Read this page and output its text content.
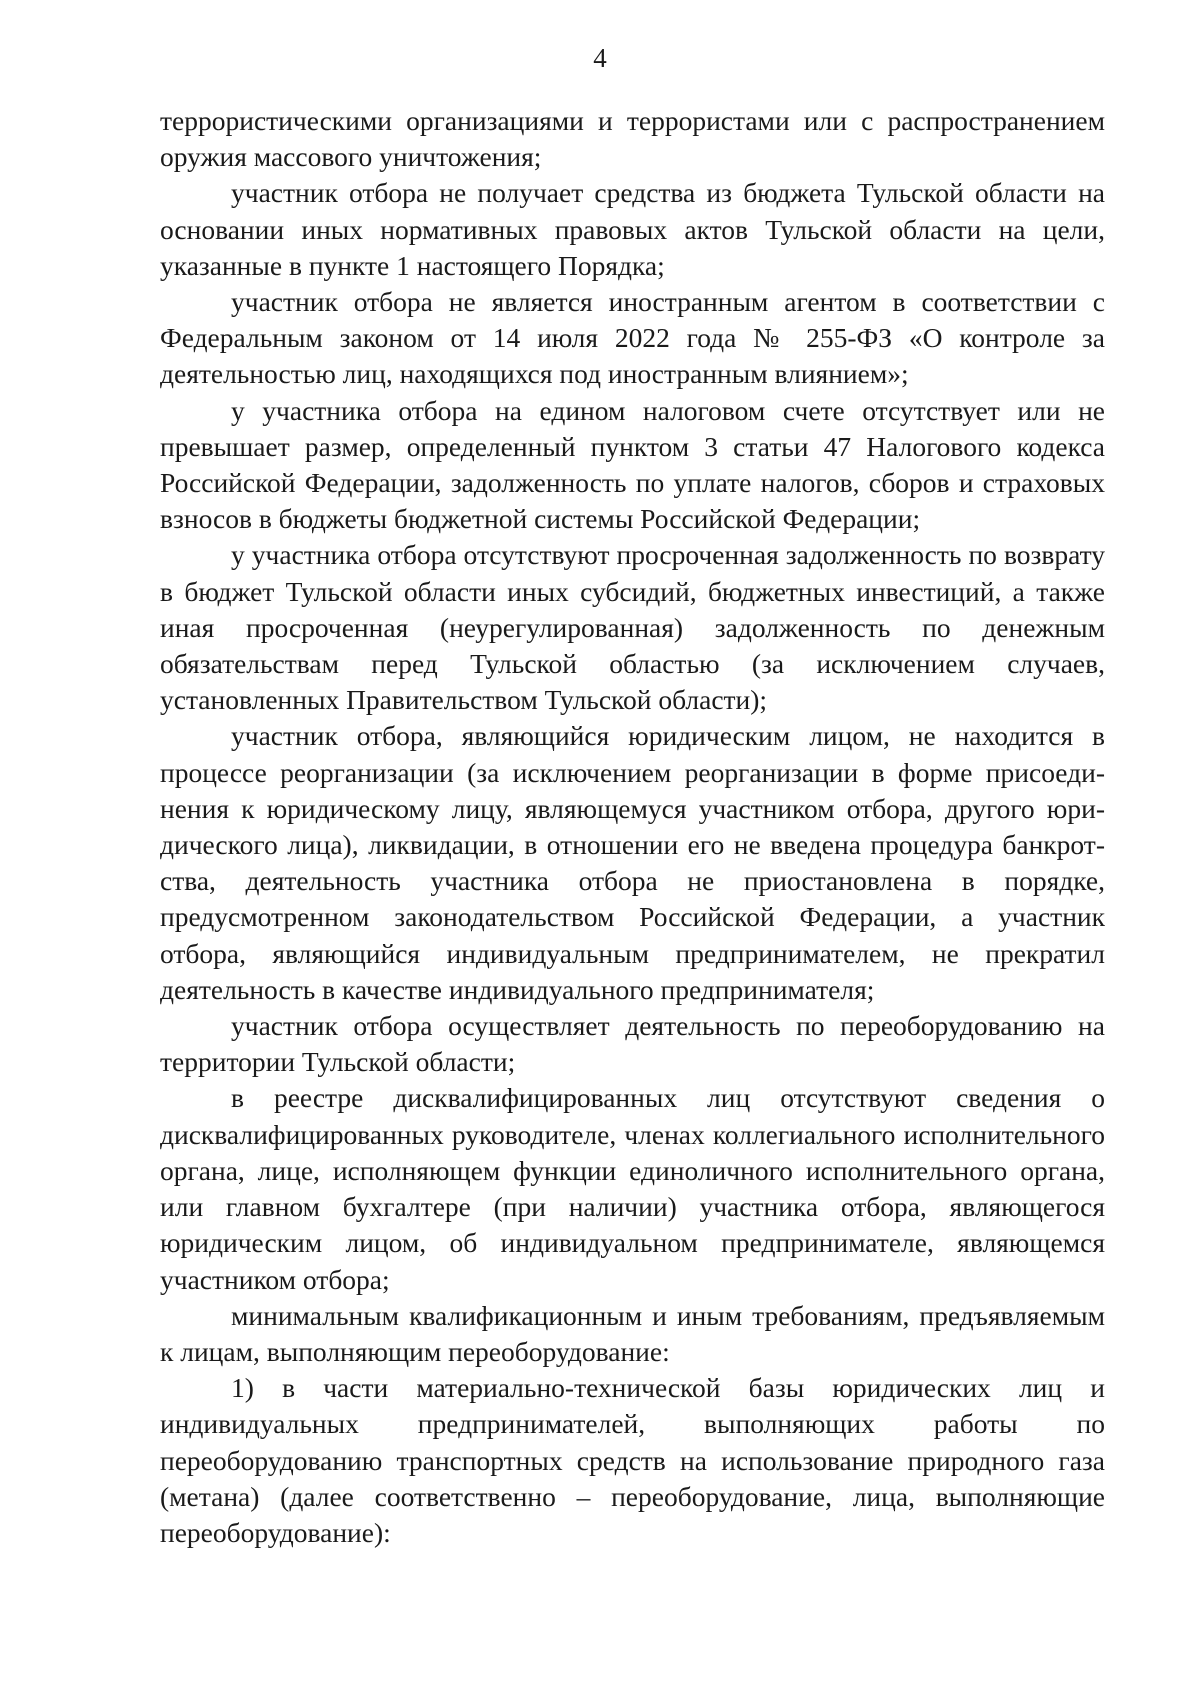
4

террористическими организациями и террористами или с распространением оружия массового уничтожения;

участник отбора не получает средства из бюджета Тульской области на основании иных нормативных правовых актов Тульской области на цели, указанные в пункте 1 настоящего Порядка;

участник отбора не является иностранным агентом в соответствии с Федеральным законом от 14 июля 2022 года № 255-ФЗ «О контроле за деятельностью лиц, находящихся под иностранным влиянием»;

у участника отбора на едином налоговом счете отсутствует или не превышает размер, определенный пунктом 3 статьи 47 Налогового кодекса Российской Федерации, задолженность по уплате налогов, сборов и страховых взносов в бюджеты бюджетной системы Российской Федерации;

у участника отбора отсутствуют просроченная задолженность по возврату в бюджет Тульской области иных субсидий, бюджетных инвестиций, а также иная просроченная (неурегулированная) задолженность по денежным обязательствам перед Тульской областью (за исключением случаев, установленных Правительством Тульской области);

участник отбора, являющийся юридическим лицом, не находится в процессе реорганизации (за исключением реорганизации в форме присоединения к юридическому лицу, являющемуся участником отбора, другого юридического лица), ликвидации, в отношении его не введена процедура банкротства, деятельность участника отбора не приостановлена в порядке, предусмотренном законодательством Российской Федерации, а участник отбора, являющийся индивидуальным предпринимателем, не прекратил деятельность в качестве индивидуального предпринимателя;

участник отбора осуществляет деятельность по переоборудованию на территории Тульской области;

в реестре дисквалифицированных лиц отсутствуют сведения о дисквалифицированных руководителе, членах коллегиального исполнительного органа, лице, исполняющем функции единоличного исполнительного органа, или главном бухгалтере (при наличии) участника отбора, являющегося юридическим лицом, об индивидуальном предпринимателе, являющемся участником отбора;

минимальным квалификационным и иным требованиям, предъявляемым к лицам, выполняющим переоборудование:

1) в части материально-технической базы юридических лиц и индивидуальных предпринимателей, выполняющих работы по переоборудованию транспортных средств на использование природного газа (метана) (далее соответственно – переоборудование, лица, выполняющие переоборудование):
